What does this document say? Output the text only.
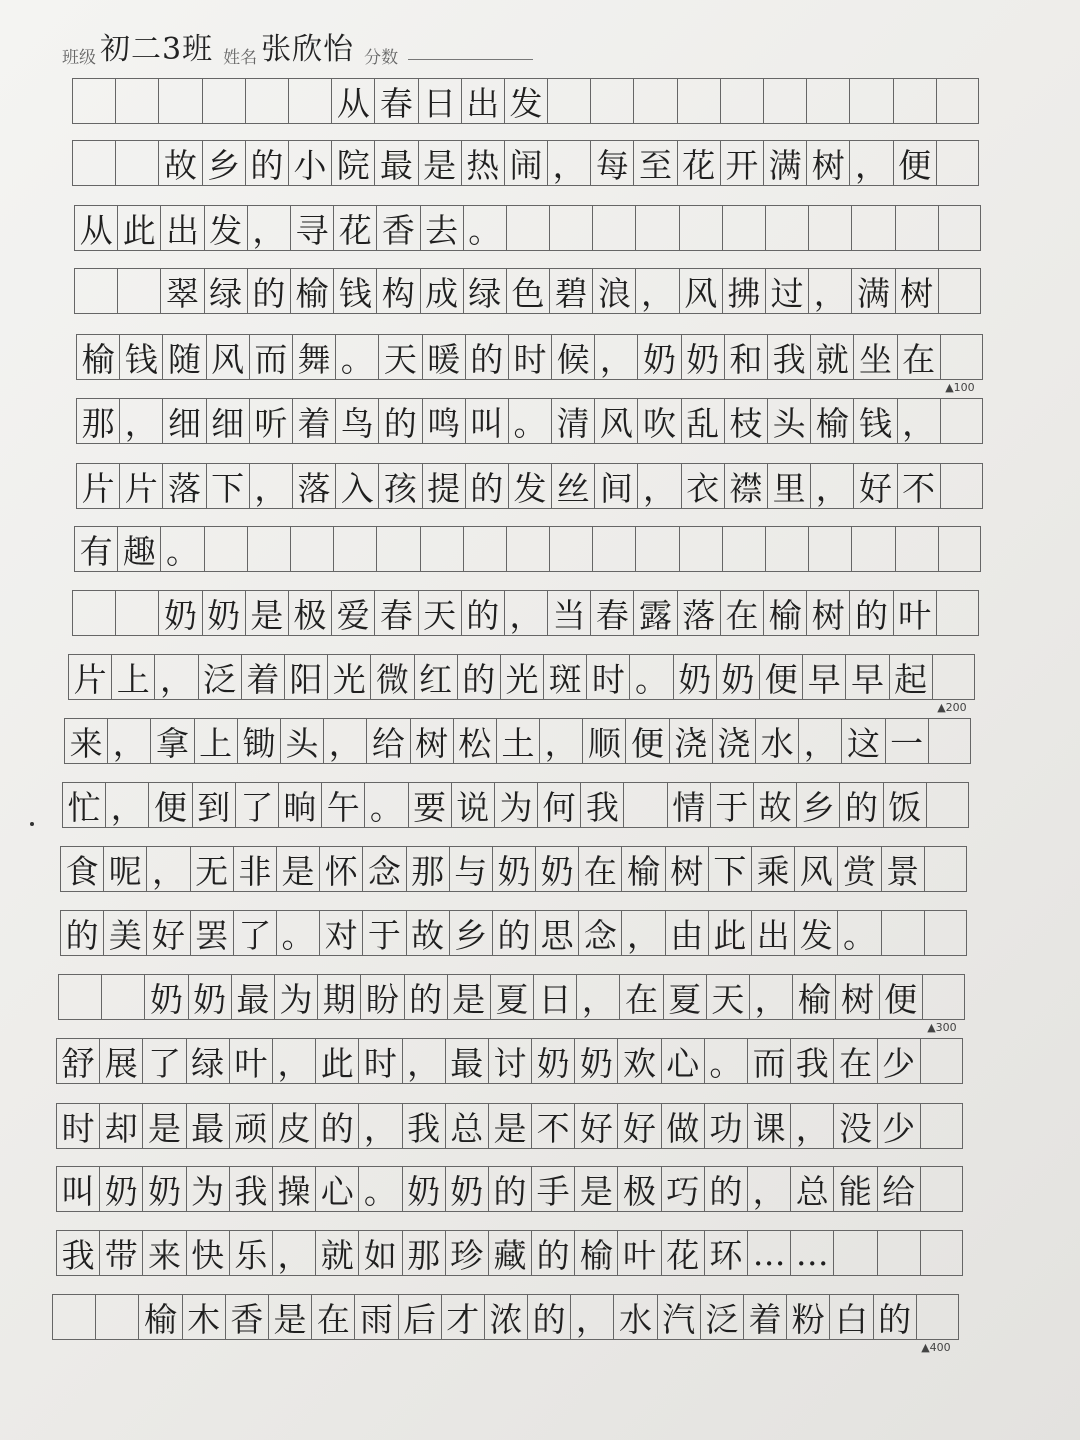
班级 初二3班 姓名 张欣怡 分数
从 春 日 出 发
故 乡 的 小 院 最 是 热 闹 ， 每 至 花 开 满 树 ， 便
从 此 出 发 ， 寻 花 香 去 。
翠 绿 的 榆 钱 构 成 绿 色 碧 浪 ， 风 拂 过 ， 满 树
榆 钱 随 风 而 舞 。 天 暖 的 时 候 ， 奶 奶 和 我 就 坐 在
那 ， 细 细 听 着 鸟 的 鸣 叫 。 清 风 吹 乱 枝 头 榆 钱 ，
片 片 落 下 ， 落 入 孩 提 的 发 丝 间 ， 衣 襟 里 ， 好 不
有 趣 。
奶 奶 是 极 爱 春 天 的 ， 当 春 露 落 在 榆 树 的 叶
片 上 ， 泛 着 阳 光 微 红 的 光 斑 时 。 奶 奶 便 早 早 起
来 ， 拿 上 锄 头 ， 给 树 松 土 ， 顺 便 浇 浇 水 ， 这 一
忙 ， 便 到 了 晌 午 。 要 说 为 何 我 情 于 故 乡 的 饭
食 呢 ， 无 非 是 怀 念 那 与 奶 奶 在 榆 树 下 乘 风 赏 景
的 美 好 罢 了 。 对 于 故 乡 的 思 念 ， 由 此 出 发 。
奶 奶 最 为 期 盼 的 是 夏 日 ， 在 夏 天 ， 榆 树 便
舒 展 了 绿 叶 ， 此 时 ， 最 讨 奶 奶 欢 心 。 而 我 在 少
时 却 是 最 顽 皮 的 ， 我 总 是 不 好 好 做 功 课 ， 没 少
叫 奶 奶 为 我 操 心 。 奶 奶 的 手 是 极 巧 的 ， 总 能 给
我 带 来 快 乐 ， 就 如 那 珍 藏 的 榆 叶 花 环 … …
榆 木 香 是 在 雨 后 才 浓 的 ， 水 汽 泛 着 粉 白 的
▲100
▲200
▲300
▲400
